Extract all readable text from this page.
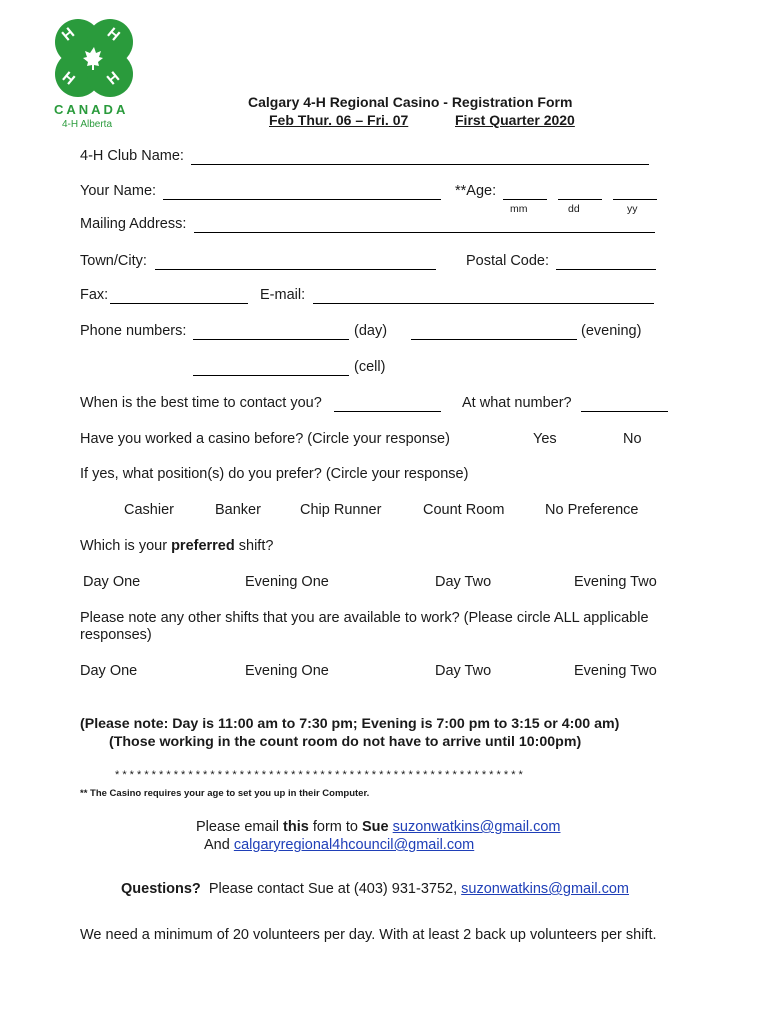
H H
H H
CANADA
4-H Alberta
Calgary 4-H Regional Casino - Registration Form
Feb Thur. 06 – Fri. 07	First Quarter 2020
4-H Club Name:
Your Name:	**Age:
mm	dd	yy
Mailing Address:
Town/City:	Postal Code:
Fax:	E-mail:
Phone numbers:	(day)	(evening)
(cell)
When is the best time to contact you?	At what number?
Have you worked a casino before? (Circle your response)	Yes	No
If yes, what position(s) do you prefer? (Circle your response)
Cashier	Banker	Chip Runner	Count Room	No Preference
Which is your preferred shift?
Day One	Evening One	Day Two	Evening Two
Please note any other shifts that you are available to work? (Please circle ALL applicable
responses)
Day One	Evening One	Day Two	Evening Two
(Please note: Day is 11:00 am to 7:30 pm; Evening is 7:00 pm to 3:15 or 4:00 am)
(Those working in the count room do not have to arrive until 10:00pm)
* * * * * * * * * * * * * * * * * * * * * * * * * * * * * * * * * * * * * * * * * * * * * * * * * * * * * * * *
** The Casino requires your age to set you up in their Computer.
Please email this form to Sue suzonwatkins@gmail.com
And calgaryregional4hcouncil@gmail.com
Questions?  Please contact Sue at (403) 931-3752, suzonwatkins@gmail.com
We need a minimum of 20 volunteers per day. With at least 2 back up volunteers per shift.
